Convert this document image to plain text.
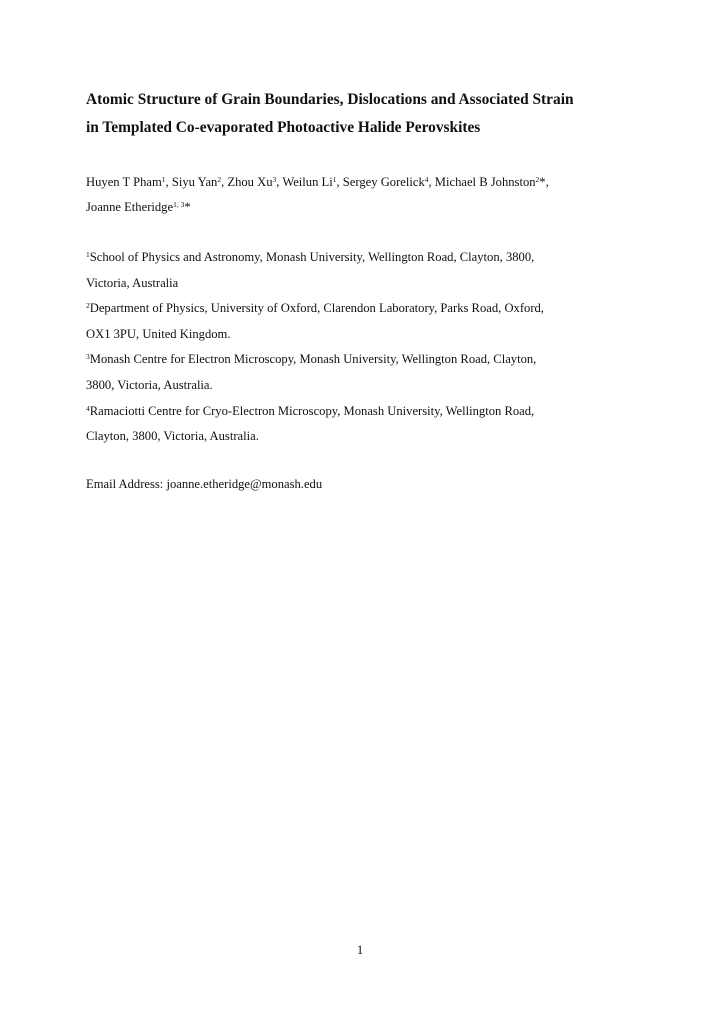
Atomic Structure of Grain Boundaries, Dislocations and Associated Strain
in Templated Co-evaporated Photoactive Halide Perovskites
Huyen T Pham$^1$, Siyu Yan$^2$, Zhou Xu$^3$, Weilun Li$^1$, Sergey Gorelick$^4$, Michael B Johnston$^2$*,
Joanne Etheridge$^{1, 3}$*
$^1$School of Physics and Astronomy, Monash University, Wellington Road, Clayton, 3800,
Victoria, Australia
$^2$Department of Physics, University of Oxford, Clarendon Laboratory, Parks Road, Oxford,
OX1 3PU, United Kingdom.
$^3$Monash Centre for Electron Microscopy, Monash University, Wellington Road, Clayton,
3800, Victoria, Australia.
$^4$Ramaciotti Centre for Cryo-Electron Microscopy, Monash University, Wellington Road,
Clayton, 3800, Victoria, Australia.
Email Address: joanne.etheridge@monash.edu
1
